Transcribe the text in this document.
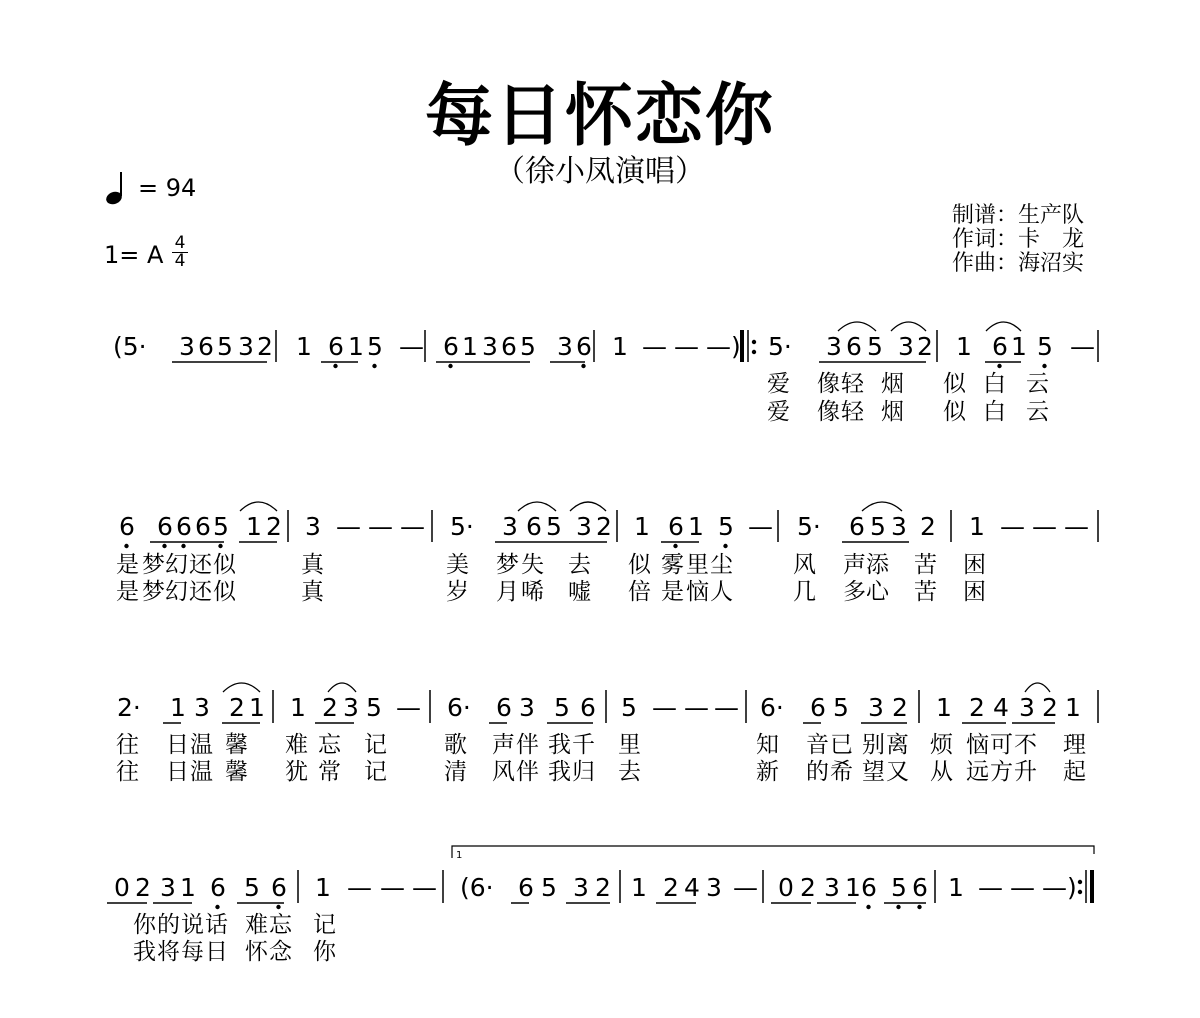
每日怀恋你
（徐小凤演唱）
= 94
1= A 4
4
制谱：生产队
作词：卡　龙
作曲：海沼实
(5· 3 6 5 3 2 1 6 1 5 — 6 1 3 6 5 3 6 1 — — —) 5· 3 6 5 3 2 1 6 1 5 —
爱 像 轻 烟 似 白 云
爱 像 轻 烟 似 白 云
6 6 6 6 5 1 2 3 — — — 5· 3 6 5 3 2 1 6 1 5 — 5· 6 5 3 2 1 — — —
是 梦 幻 还 似	真	美 梦 失 去 似 雾 里 尘	风 声 添 苦 困
是 梦 幻 还 似	真	岁 月 唏 嘘 倍 是 恼 人	几 多 心 苦 困
2· 1 3 2 1 1 2 3 5 — 6· 6 3 5 6 5 — — — 6· 6 5 3 2 1 2 4 3 2 1
往 日 温 馨 难 忘 记 歌 声 伴 我 千 里	知 音 已 别 离 烦 恼 可 不 理
往 日 温 馨 犹 常 记 清 风 伴 我 归 去	新 的 希 望 又 从 远 方 升 起
0 2 3 1 6 5 6 1 — — — (6· 6 5 3 2 1 2 4 3 — 0 2 3 1 6 5 6 1 — — —)
1
你 的 说 话 难 忘 记
我 将 每 日 怀 念 你
